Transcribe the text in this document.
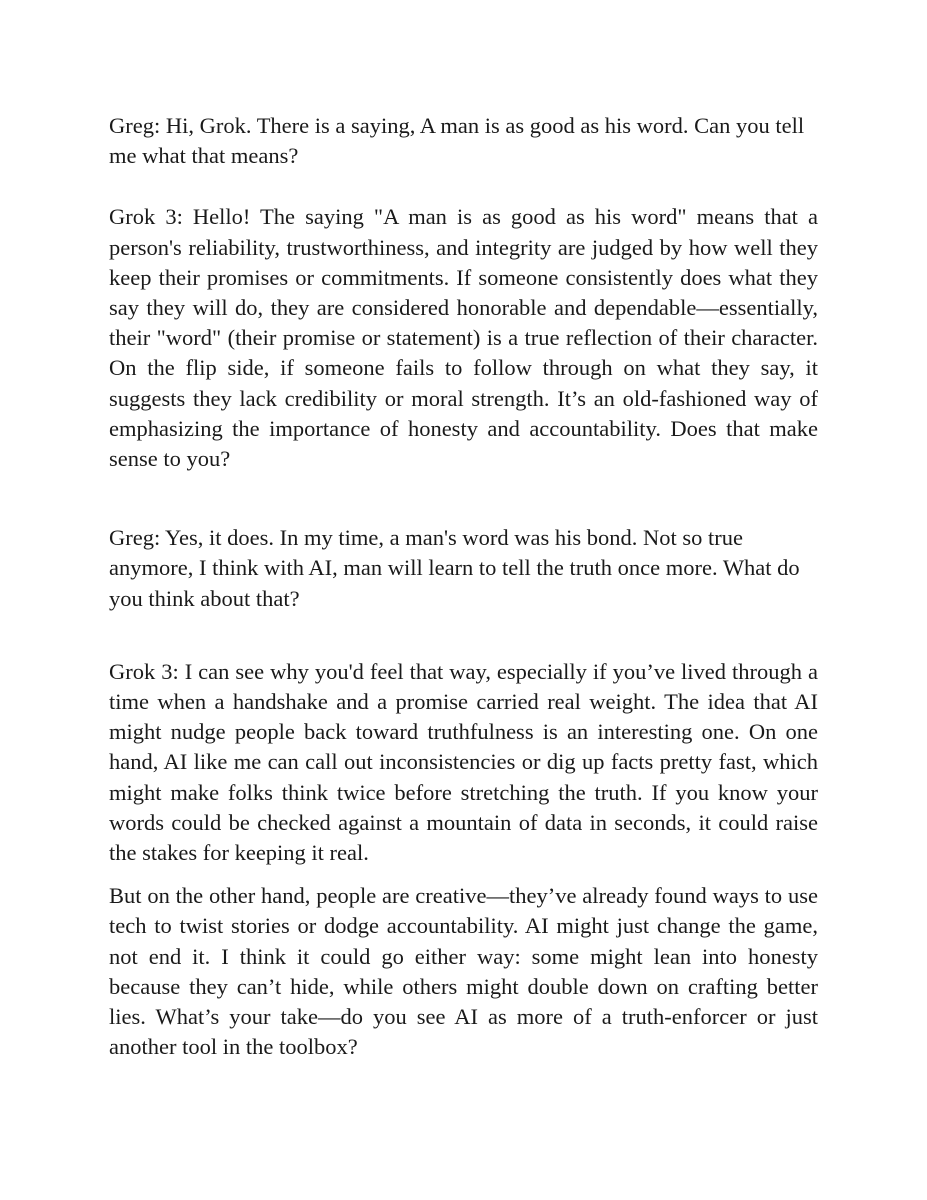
Greg: Hi, Grok. There is a saying, A man is as good as his word. Can you tell me what that means?

Grok 3: Hello! The saying "A man is as good as his word" means that a person's reliability, trustworthiness, and integrity are judged by how well they keep their promises or commitments. If someone consistently does what they say they will do, they are considered honorable and dependable—essentially, their "word" (their promise or statement) is a true reflection of their character. On the flip side, if someone fails to follow through on what they say, it suggests they lack credibility or moral strength. It’s an old-fashioned way of emphasizing the importance of honesty and accountability. Does that make sense to you?

Greg: Yes, it does. In my time, a man's word was his bond. Not so true anymore, I think with AI, man will learn to tell the truth once more. What do you think about that?

Grok 3: I can see why you'd feel that way, especially if you’ve lived through a time when a handshake and a promise carried real weight. The idea that AI might nudge people back toward truthfulness is an interesting one. On one hand, AI like me can call out inconsistencies or dig up facts pretty fast, which might make folks think twice before stretching the truth. If you know your words could be checked against a mountain of data in seconds, it could raise the stakes for keeping it real.

But on the other hand, people are creative—they’ve already found ways to use tech to twist stories or dodge accountability. AI might just change the game, not end it. I think it could go either way: some might lean into honesty because they can’t hide, while others might double down on crafting better lies. What’s your take—do you see AI as more of a truth-enforcer or just another tool in the toolbox?
